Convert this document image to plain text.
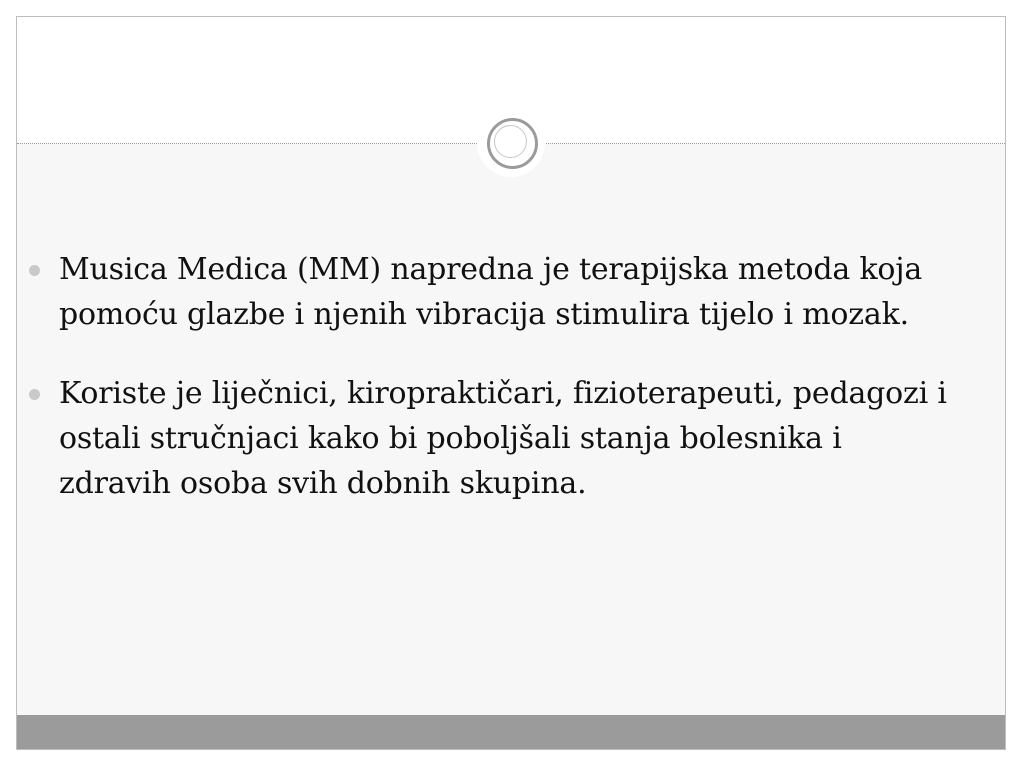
Musica Medica (MM) napredna je terapijska metoda koja pomoću glazbe i njenih vibracija stimulira tijelo i mozak.
Koriste je liječnici, kiropraktičari, fizioterapeuti, pedagozi i ostali stručnjaci kako bi poboljšali stanja bolesnika i zdravih osoba svih dobnih skupina.
